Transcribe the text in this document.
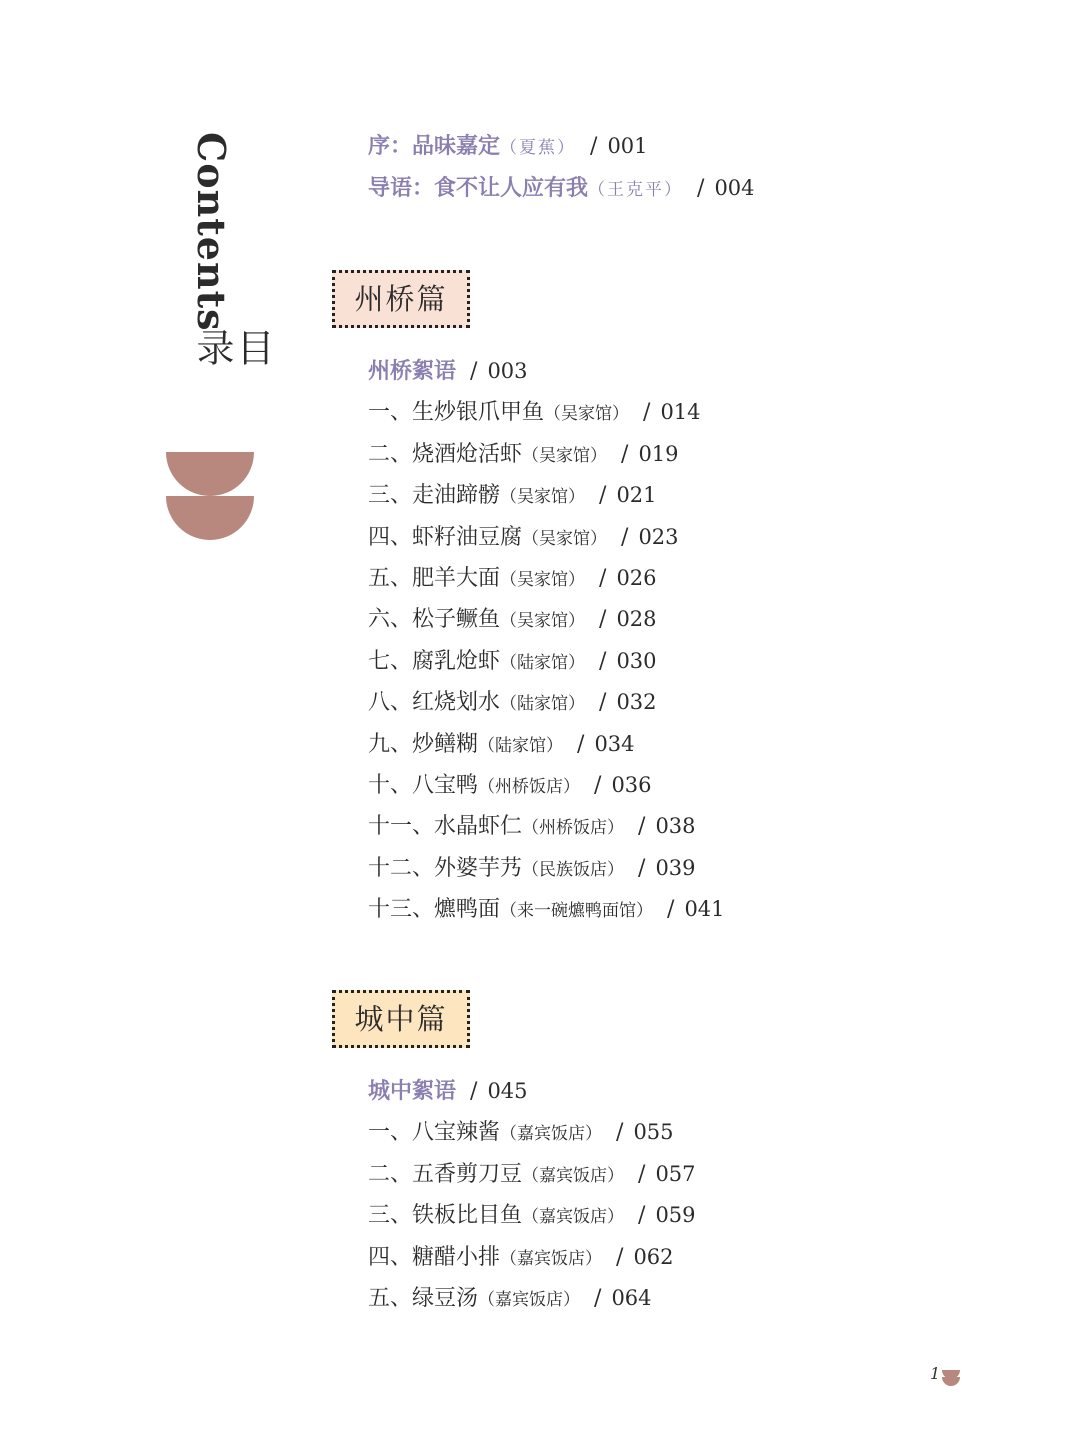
Contents
目录
序：品味嘉定（夏蕉） / 001
导语：食不让人应有我（王克平） / 004
州桥篇
城中篇
州桥絮语 / 003
一、生炒银爪甲鱼（吴家馆） / 014
二、烧酒炝活虾（吴家馆） / 019
三、走油蹄髈（吴家馆） / 021
四、虾籽油豆腐（吴家馆） / 023
五、肥羊大面（吴家馆） / 026
六、松子鳜鱼（吴家馆） / 028
七、腐乳炝虾（陆家馆） / 030
八、红烧划水（陆家馆） / 032
九、炒鳝糊（陆家馆） / 034
十、八宝鸭（州桥饭店） / 036
十一、水晶虾仁（州桥饭店） / 038
十二、外婆芋艿（民族饭店） / 039
十三、爊鸭面（来一碗爊鸭面馆） / 041
城中絮语 / 045
一、八宝辣酱（嘉宾饭店） / 055
二、五香剪刀豆（嘉宾饭店） / 057
三、铁板比目鱼（嘉宾饭店） / 059
四、糖醋小排（嘉宾饭店） / 062
五、绿豆汤（嘉宾饭店） / 064
1
